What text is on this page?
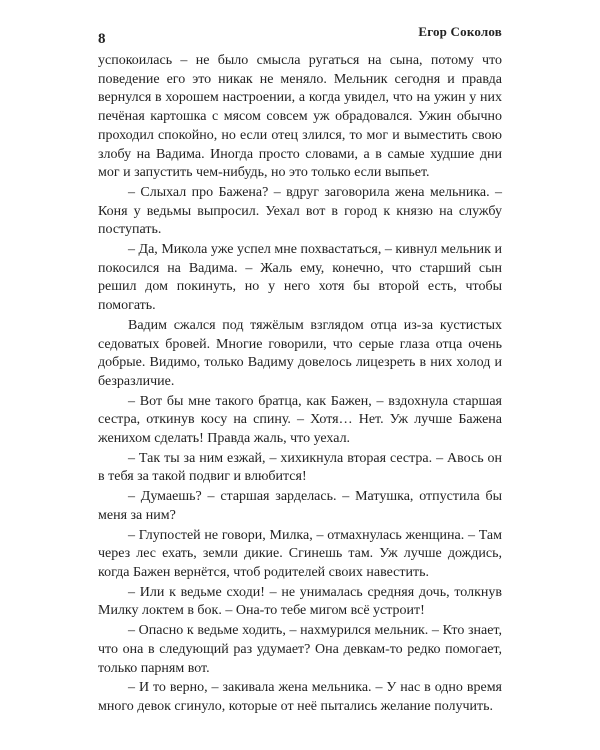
8	Егор Соколов

успокоилась – не было смысла ругаться на сына, потому что поведение его это никак не меняло. Мельник сегодня и правда вернулся в хорошем настроении, а когда увидел, что на ужин у них печёная картошка с мясом совсем уж обрадовался. Ужин обычно проходил спокойно, но если отец злился, то мог и выместить свою злобу на Вадима. Иногда просто словами, а в самые худшие дни мог и запустить чем-нибудь, но это только если выпьет.

– Слыхал про Бажена? – вдруг заговорила жена мельника. – Коня у ведьмы выпросил. Уехал вот в город к князю на службу поступать.

– Да, Микола уже успел мне похвастаться, – кивнул мельник и покосился на Вадима. – Жаль ему, конечно, что старший сын решил дом покинуть, но у него хотя бы второй есть, чтобы помогать.

Вадим сжался под тяжёлым взглядом отца из-за кустистых седоватых бровей. Многие говорили, что серые глаза отца очень добрые. Видимо, только Вадиму довелось лицезреть в них холод и безразличие.

– Вот бы мне такого братца, как Бажен, – вздохнула старшая сестра, откинув косу на спину. – Хотя… Нет. Уж лучше Бажена женихом сделать! Правда жаль, что уехал.

– Так ты за ним езжай, – хихикнула вторая сестра. – Авось он в тебя за такой подвиг и влюбится!

– Думаешь? – старшая зарделась. – Матушка, отпустила бы меня за ним?

– Глупостей не говори, Милка, – отмахнулась женщина. – Там через лес ехать, земли дикие. Сгинешь там. Уж лучше дождись, когда Бажен вернётся, чтоб родителей своих навестить.

– Или к ведьме сходи! – не унималась средняя дочь, толкнув Милку локтем в бок. – Она-то тебе мигом всё устроит!

– Опасно к ведьме ходить, – нахмурился мельник. – Кто знает, что она в следующий раз удумает? Она девкам-то редко помогает, только парням вот.

– И то верно, – закивала жена мельника. – У нас в одно время много девок сгинуло, которые от неё пытались желание получить.
